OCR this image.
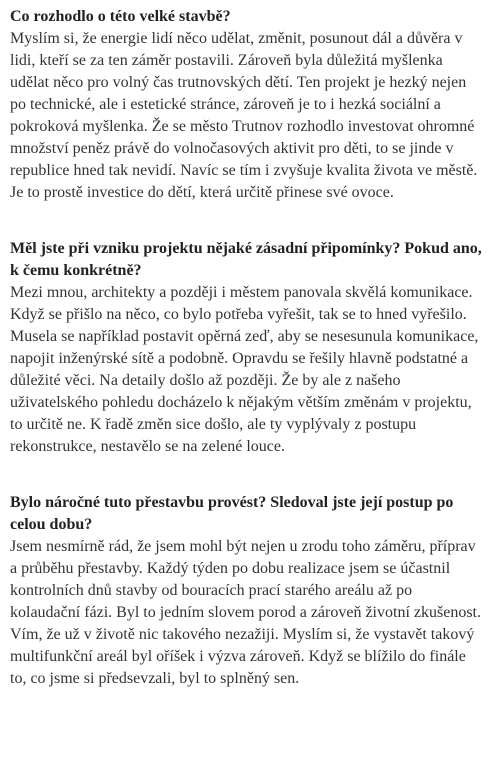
Co rozhodlo o této velké stavbě?

Myslím si, že energie lidí něco udělat, změnit, posunout dál a důvěra v lidi, kteří se za ten záměr postavili. Zároveň byla důležitá myšlenka udělat něco pro volný čas trutnovských dětí. Ten projekt je hezký nejen po technické, ale i estetické stránce, zároveň je to i hezká sociální a pokroková myšlenka. Že se město Trutnov rozhodlo investovat ohromné množství peněz právě do volnočasových aktivit pro děti, to se jinde v republice hned tak nevidí. Navíc se tím i zvyšuje kvalita života ve městě. Je to prostě investice do dětí, která určitě přinese své ovoce.

Měl jste při vzniku projektu nějaké zásadní připomínky? Pokud ano, k čemu konkrétně?

Mezi mnou, architekty a později i městem panovala skvělá komunikace. Když se přišlo na něco, co bylo potřeba vyřešit, tak se to hned vyřešilo. Musela se například postavit opěrná zeď, aby se nesesunula komunikace, napojit inženýrské sítě a podobně. Opravdu se řešily hlavně podstatné a důležité věci. Na detaily došlo až později. Že by ale z našeho uživatelského pohledu docházelo k nějakým větším změnám v projektu, to určitě ne. K řadě změn sice došlo, ale ty vyplývaly z postupu rekonstrukce, nestavělo se na zelené louce.

Bylo náročné tuto přestavbu provést? Sledoval jste její postup po celou dobu?

Jsem nesmírně rád, že jsem mohl být nejen u zrodu toho záměru, příprav a průběhu přestavby. Každý týden po dobu realizace jsem se účastnil kontrolních dnů stavby od bouracích prací starého areálu až po kolaudační fázi. Byl to jedním slovem porod a zároveň životní zkušenost. Vím, že už v životě nic takového nezažiji. Myslím si, že vystavět takový multifunkční areál byl oříšek i výzva zároveň. Když se blížilo do finále to, co jsme si předsevzali, byl to splněný sen.
